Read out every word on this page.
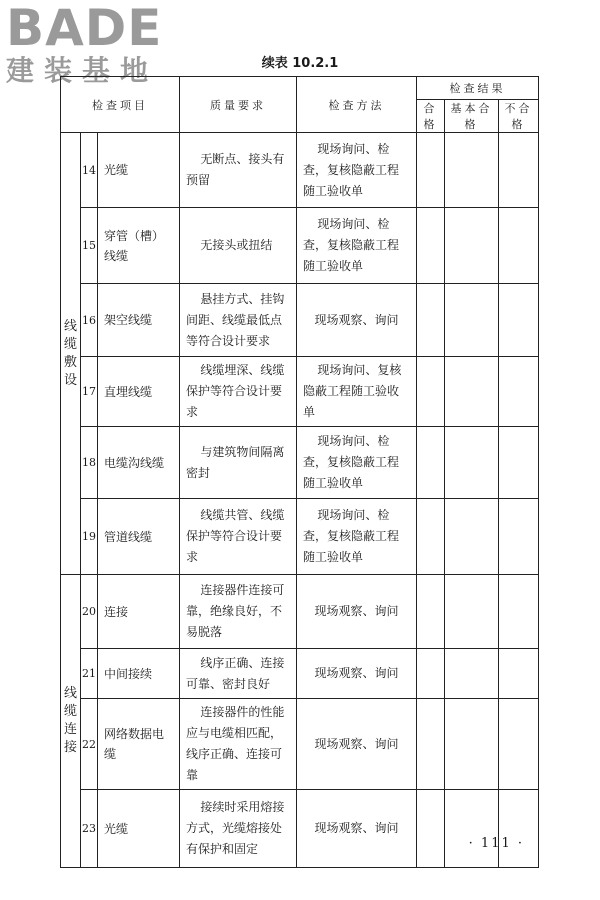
BADE
建装基地	续表 10.2.1
检查项目			质量要求	检查方法	检查结果		
					合格	基本合格	不合格

线
缆
敷
设	14	光缆	无断点、接头有预留	现场询问、检查，复核隐蔽工程随工验收单			
	15	穿管（槽）线缆	无接头或扭结	现场询问、检查，复核隐蔽工程随工验收单			
	16	架空线缆	悬挂方式、挂钩间距、线缆最低点等符合设计要求	现场观察、询问			
	17	直埋线缆	线缆埋深、线缆保护等符合设计要求	现场询问、复核隐蔽工程随工验收单			
	18	电缆沟线缆	与建筑物间隔离密封	现场询问、检查，复核隐蔽工程随工验收单			
	19	管道线缆	线缆共管、线缆保护等符合设计要求	现场询问、检查，复核隐蔽工程随工验收单			

线
缆
连
接	20	连接	连接器件连接可靠，绝缘良好，不易脱落	现场观察、询问			
	21	中间接续	线序正确、连接可靠、密封良好	现场观察、询问			
	22	网络数据电缆	连接器件的性能应与电缆相匹配，线序正确、连接可靠	现场观察、询问			
	23	光缆	接续时采用熔接方式，光缆熔接处有保护和固定	现场观察、询问			
· 111 ·
